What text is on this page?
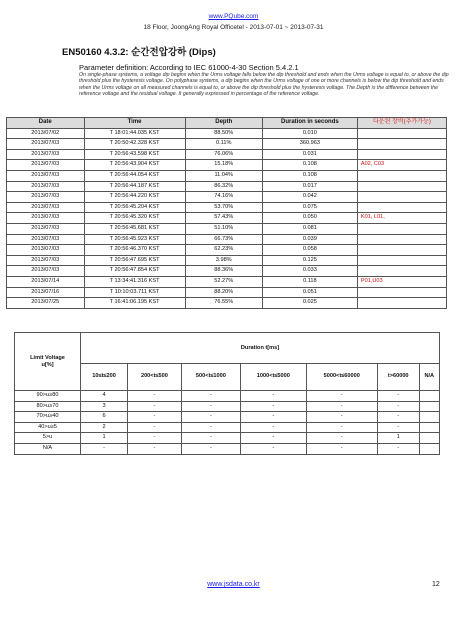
www.PQube.com
18 Floor, JoongAng Royal Officetel - 2013-07-01 ~ 2013-07-31
EN50160 4.3.2: 순간전압강하 (Dips)
Parameter definition: According to IEC 61000-4-30 Section 5.4.2.1
On single-phase systems, a voltage dip begins when the Urms voltage falls below the dip threshold and ends when the Urms voltage is equal to, or above the dip threshold plus the hysteresis voltage. On polyphase systems, a dip begins when the Urms voltage of one or more channels is below the dip threshold and ends when the Urms voltage on all measured channels is equal to, or above the dip threshold plus the hysteresis voltage. The Depth is the difference between the reference voltage and the residual voltage. It generally expressed in percentage of the reference voltage.
Date	Time	Depth	Duration in seconds	다운된 장비(추가가능)
2013/07/02	T 18:01:44.035 KST	88.50%	0.010	
2013/07/03	T 20:50:42.328 KST	0.11%	360.963	
2013/07/03	T 20:56:43.598 KST	76.06%	0.031	
2013/07/03	T 20:56:43.904 KST	15.18%	0.108	A02, C03
2013/07/03	T 20:56:44.054 KST	11.04%	0.108	
2013/07/03	T 20:56:44.187 KST	86.32%	0.017	
2013/07/03	T 20:56:44.220 KST	74.16%	0.042	
2013/07/03	T 20:56:45.204 KST	53.70%	0.075	
2013/07/03	T 20:56:45.320 KST	57.43%	0.050	K01, L01,
2013/07/03	T 20:56:45.681 KST	51.10%	0.081	
2013/07/03	T 20:56:45.923 KST	66.73%	0.039	
2013/07/03	T 20:56:46.370 KST	62.23%	0.058	
2013/07/03	T 20:56:47.695 KST	3.98%	0.125	
2013/07/03	T 20:56:47.854 KST	88.36%	0.033	
2013/07/14	T 13:34:41.316 KST	52.27%	0.118	P01,U03
2013/07/16	T 10:10:03.711 KST	88.20%	0.051	
2013/07/25	T 16:41:06.195 KST	76.55%	0.025	
Limit Voltage
u[%]	Duration t[ms]						
	10≤t≤200	200<t≤500	500<t≤1000	1000<t≤5000	5000<t≤60000	t>60000	N/A
90>u≥80	4	-	-	-	-	-	
80>u≥70	3	-	-	-	-	-	
70>u≥40	6	-	-	-	-	-	
40>u≥5	2	-	-	-	-	-	
5>u	1	-	-	-	-	1	
N/A	-	-	-	-	-	-	
www.jsdata.co.kr	12
